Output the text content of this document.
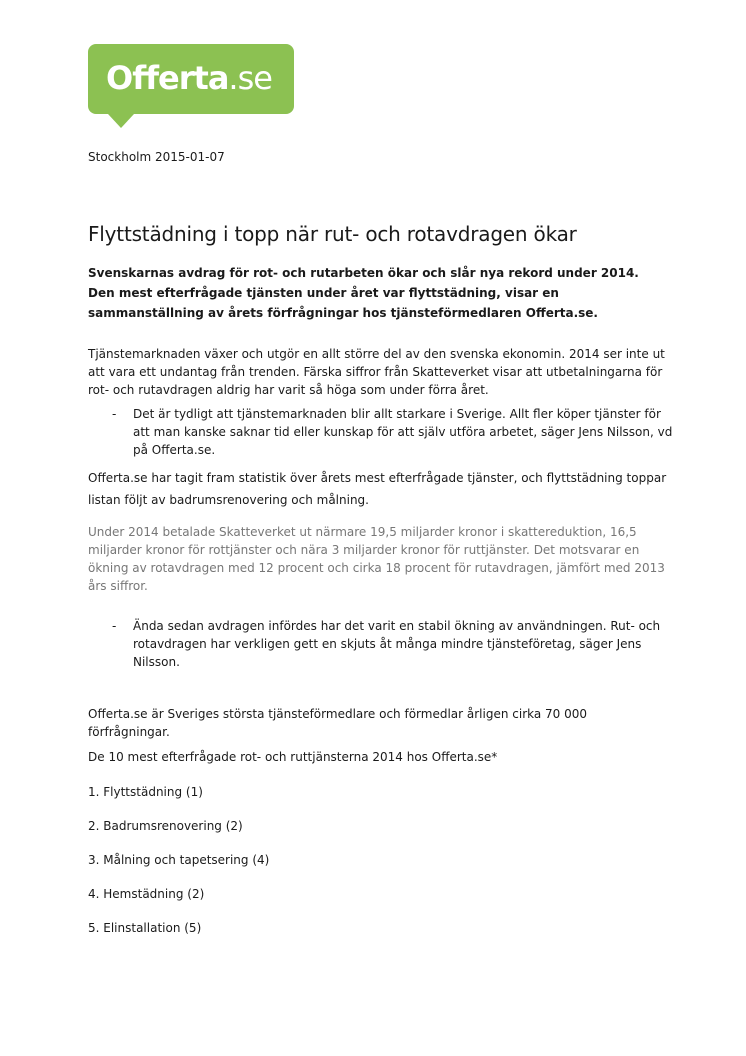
Offerta.se
Stockholm 2015-01-07
Flyttstädning i topp när rut- och rotavdragen ökar

Svenskarnas avdrag för rot- och rutarbeten ökar och slår nya rekord under 2014. Den mest efterfrågade tjänsten under året var flyttstädning, visar en sammanställning av årets förfrågningar hos tjänsteförmedlaren Offerta.se.

Tjänstemarknaden växer och utgör en allt större del av den svenska ekonomin. 2014 ser inte ut att vara ett undantag från trenden. Färska siffror från Skatteverket visar att utbetalningarna för rot- och rutavdragen aldrig har varit så höga som under förra året.

- Det är tydligt att tjänstemarknaden blir allt starkare i Sverige. Allt fler köper tjänster för att man kanske saknar tid eller kunskap för att själv utföra arbetet, säger Jens Nilsson, vd på Offerta.se.

Offerta.se har tagit fram statistik över årets mest efterfrågade tjänster, och flyttstädning toppar listan följt av badrumsrenovering och målning.

Under 2014 betalade Skatteverket ut närmare 19,5 miljarder kronor i skattereduktion, 16,5 miljarder kronor för rottjänster och nära 3 miljarder kronor för ruttjänster. Det motsvarar en ökning av rotavdragen med 12 procent och cirka 18 procent för rutavdragen, jämfört med 2013 års siffror.

- Ända sedan avdragen infördes har det varit en stabil ökning av användningen. Rut- och rotavdragen har verkligen gett en skjuts åt många mindre tjänsteföretag, säger Jens Nilsson.

Offerta.se är Sveriges största tjänsteförmedlare och förmedlar årligen cirka 70 000 förfrågningar.

De 10 mest efterfrågade rot- och ruttjänsterna 2014 hos Offerta.se*

1. Flyttstädning (1)
2. Badrumsrenovering (2)
3. Målning och tapetsering (4)
4. Hemstädning (2)
5. Elinstallation (5)
